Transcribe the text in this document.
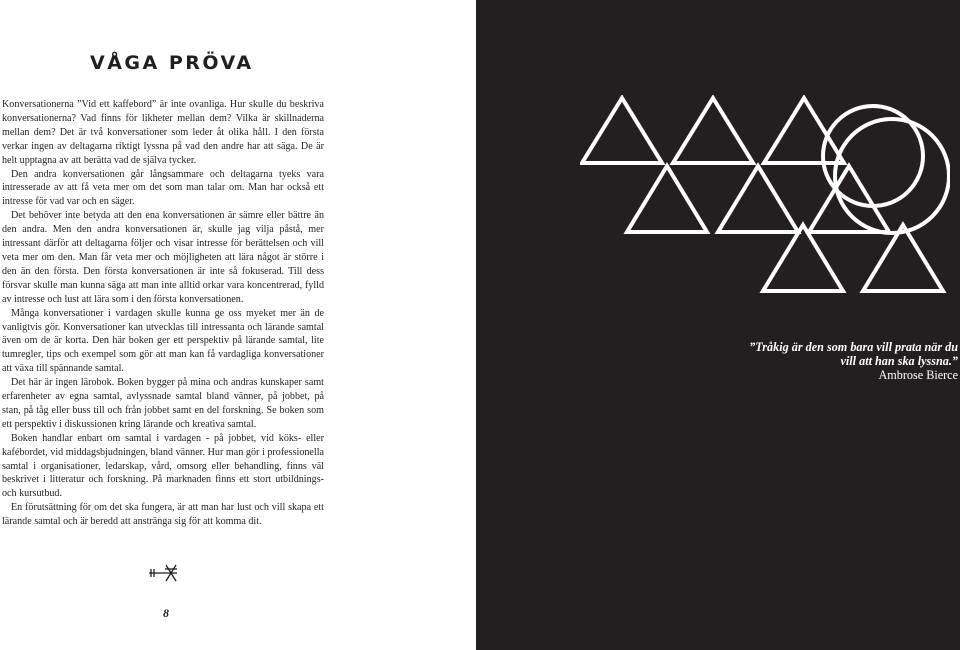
VÅGA PRÖVA

Konversationerna ”Vid ett kaffebord” är inte ovanliga. Hur skulle du beskriva konversationerna? Vad finns för likheter mellan dem? Vilka är skillnaderna mellan dem? Det är två konversationer som leder åt olika håll. I den första verkar ingen av deltagarna riktigt lyssna på vad den andre har att säga. De är helt upptagna av att berätta vad de själva tycker.

Den andra konversationen går långsammare och deltagarna tyeks vara intresserade av att få veta mer om det som man talar om. Man har också ett intresse för vad var och en säger.

Det behöver inte betyda att den ena konversationen är sämre eller bättre än den andra. Men den andra konversationen är, skulle jag vilja påstå, mer intressant därför att deltagarna följer och visar intresse för berättelsen och vill veta mer om den. Man får veta mer och möjligheten att lära något är större i den än den första. Den första konversationen är inte så fokuserad. Till dess försvar skulle man kunna säga att man inte alltid orkar vara koncentrerad, fylld av intresse och lust att lära som i den första konversationen.

Många konversationer i vardagen skulle kunna ge oss myeket mer än de vanligtvis gör. Konversationer kan utvecklas till intressanta och lärande samtal även om de är korta. Den här boken ger ett perspektiv på lärande samtal, lite tumregler, tips och exempel som gör att man kan få vardagliga konversationer att växa till spännande samtal.

Det här är ingen lärobok. Boken bygger på mina och andras kunskaper samt erfarenheter av egna samtal, avlyssnade samtal bland vänner, på jobbet, på stan, på tåg eller buss till och från jobbet samt en del forskning. Se boken som ett perspektiv i diskussionen kring lärande och kreativa samtal.

Boken handlar enbart om samtal i vardagen - på jobbet, vid köks- eller kafébordet, vid middagsbjudningen, bland vänner. Hur man gör i professionella samtal i organisationer, ledarskap, vård, omsorg eller behandling, finns väl beskrivet i litteratur och forskning. På marknaden finns ett stort utbildnings- och kursutbud.

En förutsättning för om det ska fungera, är att man har lust och vill skapa ett lärande samtal och är beredd att anstränga sig för att komma dit.

8
”Tråkig är den som bara vill prata när du vill att han ska lyssna.”
Ambrose Bierce
